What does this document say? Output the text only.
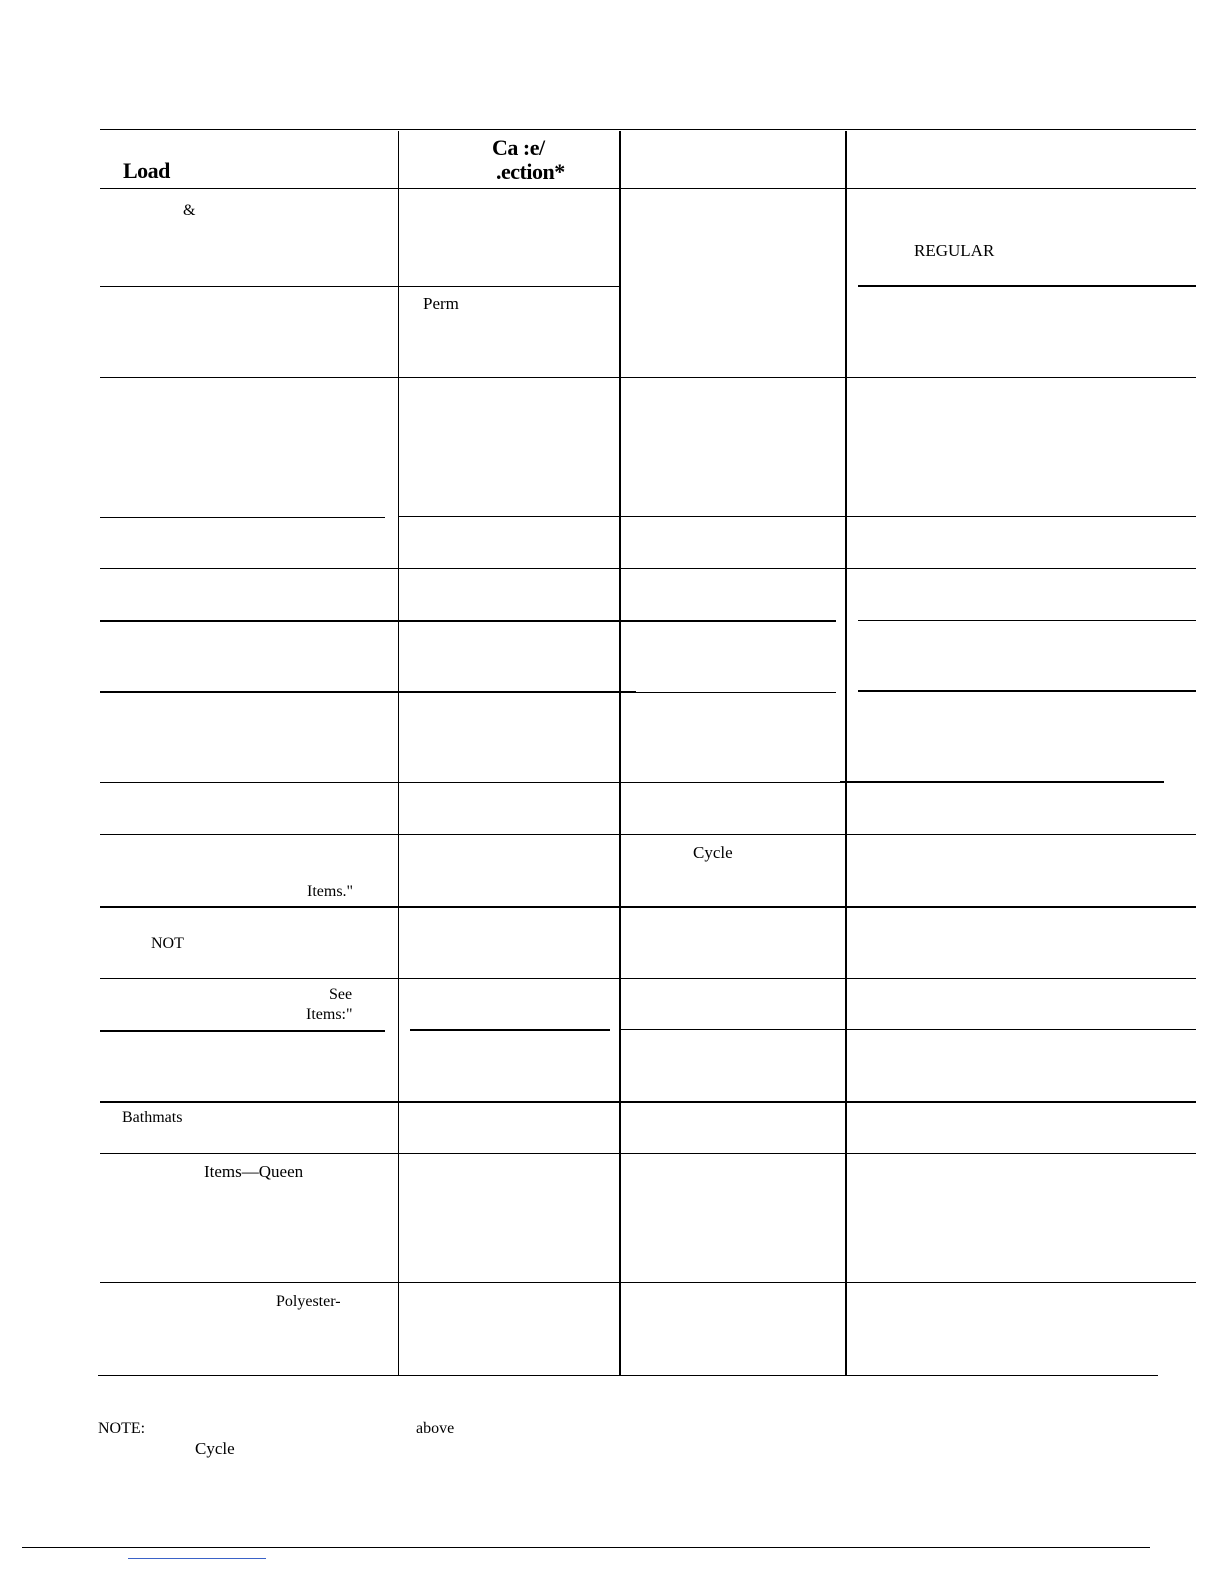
Load
Ca :e/
.ection*
&
REGULAR
Perm
Cycle
Items."
NOT
See
Items:"
Bathmats
Items—Queen
Polyester-
NOTE:	above
Cycle
